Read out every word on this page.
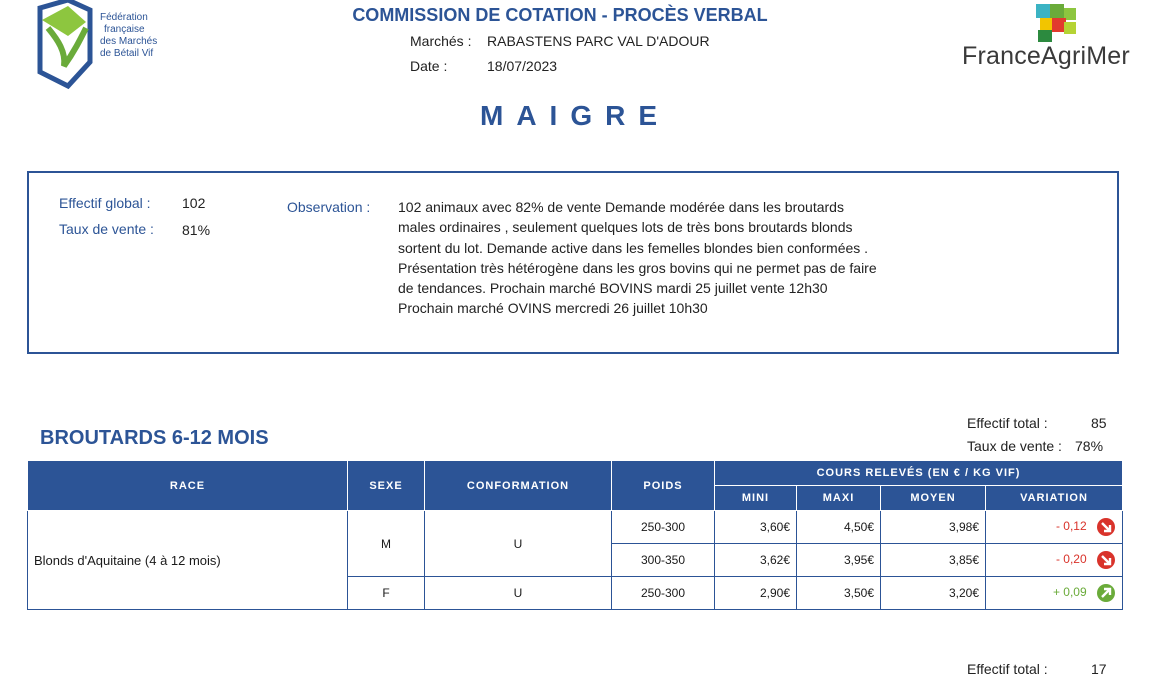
Fédération
française
des Marchés
de Bétail Vif
COMMISSION DE COTATION - PROCÈS VERBAL
Marchés : RABASTENS PARC VAL D'ADOUR
Date :	18/07/2023	FranceAgriMer
MAIGRE
Effectif global : 102
Taux de vente : 81%
Observation : 102 animaux avec 82% de vente Demande modérée dans les broutards males ordinaires , seulement quelques lots de très bons broutards blonds sortent du lot. Demande active dans les femelles blondes bien conformées . Présentation très hétérogène dans les gros bovins qui ne permet pas de faire de tendances. Prochain marché BOVINS mardi 25 juillet vente 12h30 Prochain marché OVINS mercredi 26 juillet 10h30
BROUTARDS 6-12 MOIS
Effectif total :	85
Taux de vente : 78%
RACE	SEXE	CONFORMATION	POIDS	COURS RELEVÉS (EN € / KG VIF)			
				MINI	MAXI	MOYEN	VARIATION
Blonds d'Aquitaine (4 à 12 mois)	M	U	250-300	3,60€	4,50€	3,98€	- 0,12
			300-350	3,62€	3,95€	3,85€	- 0,20
	F	U	250-300	2,90€	3,50€	3,20€	+ 0,09
Effectif total :	17
